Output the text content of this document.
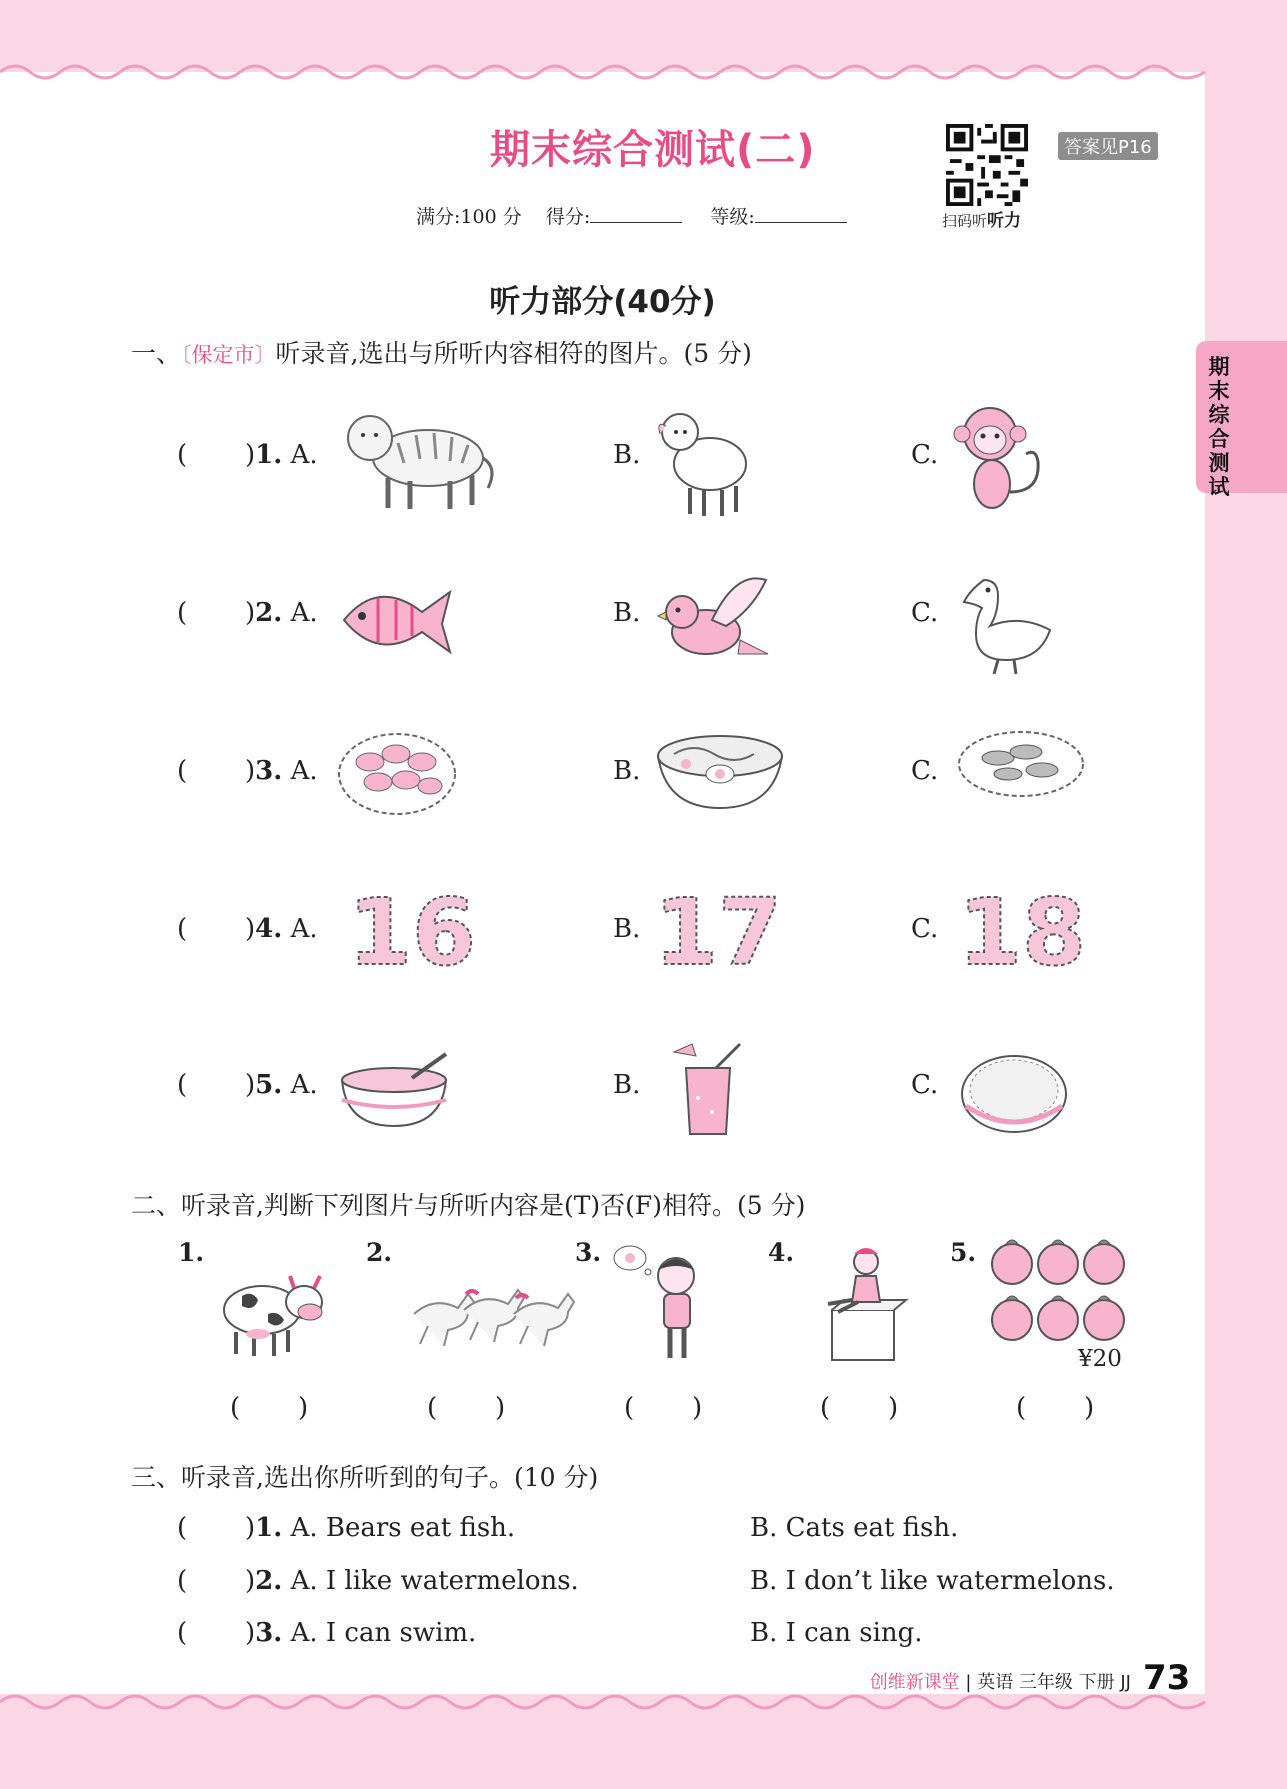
期末综合测试(二)
扫码听听力
答案见P16
满分:100 分 得分:	等级:
期末综合测试
听力部分(40分)
一、〔保定市〕听录音,选出与所听内容相符的图片。(5 分)
(       )1. A.	B.	C.
(       )2. A.	B.	C.
(       )3. A.	B.	C.
(       )4. A.	B.	C.
16 17 18
(       )5. A.	B.	C.
二、听录音,判断下列图片与所听内容是(T)否(F)相符。(5 分)
1.	2.	3.	4.	5.
¥20
(       )	(       )	(       )	(       )	(       )
三、听录音,选出你所听到的句子。(10 分)
(       )1. A. Bears eat fish.	B. Cats eat fish.
(       )2. A. I like watermelons.	B. I don’t like watermelons.
(       )3. A. I can swim.	B. I can sing.
创维新课堂 | 英语 三年级 下册 JJ 73
